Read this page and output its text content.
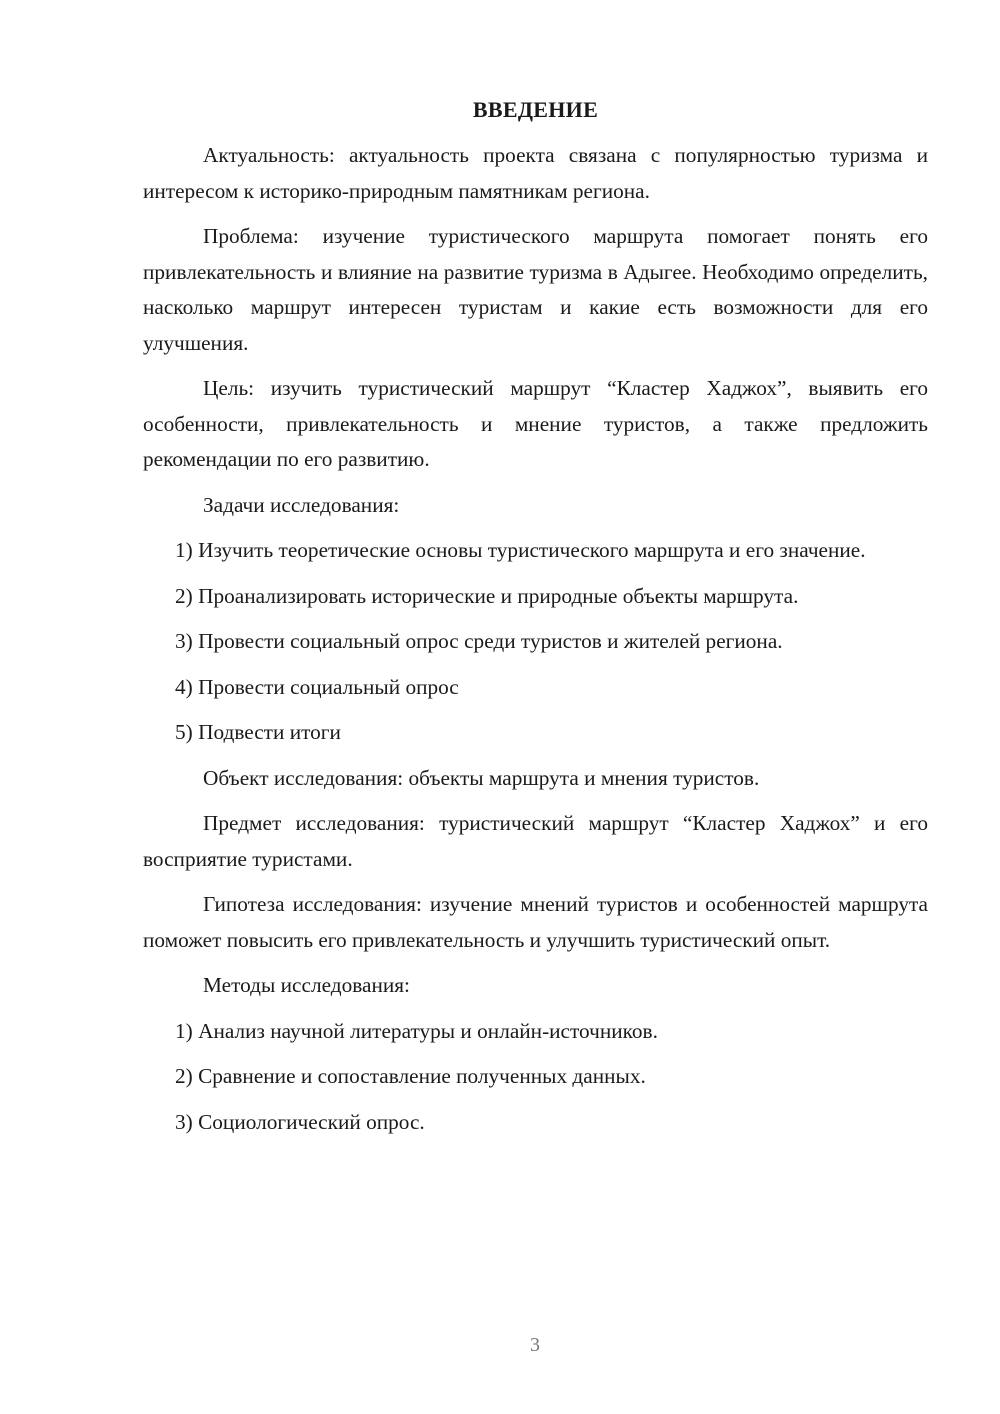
ВВЕДЕНИЕ

Актуальность: актуальность проекта связана с популярностью туризма и интересом к историко-природным памятникам региона.

Проблема: изучение туристического маршрута помогает понять его привлекательность и влияние на развитие туризма в Адыгее. Необходимо определить, насколько маршрут интересен туристам и какие есть возможности для его улучшения.

Цель: изучить туристический маршрут “Кластер Хаджох”, выявить его особенности, привлекательность и мнение туристов, а также предложить рекомендации по его развитию.

Задачи исследования:

1) Изучить теоретические основы туристического маршрута и его значение.

2) Проанализировать исторические и природные объекты маршрута.

3) Провести социальный опрос среди туристов и жителей региона.

4) Провести социальный опрос

5) Подвести итоги

Объект исследования: объекты маршрута и мнения туристов.

Предмет исследования: туристический маршрут “Кластер Хаджох” и его восприятие туристами.

Гипотеза исследования: изучение мнений туристов и особенностей маршрута поможет повысить его привлекательность и улучшить туристический опыт.

Методы исследования:

1) Анализ научной литературы и онлайн-источников.

2) Сравнение и сопоставление полученных данных.

3) Социологический опрос.

3
